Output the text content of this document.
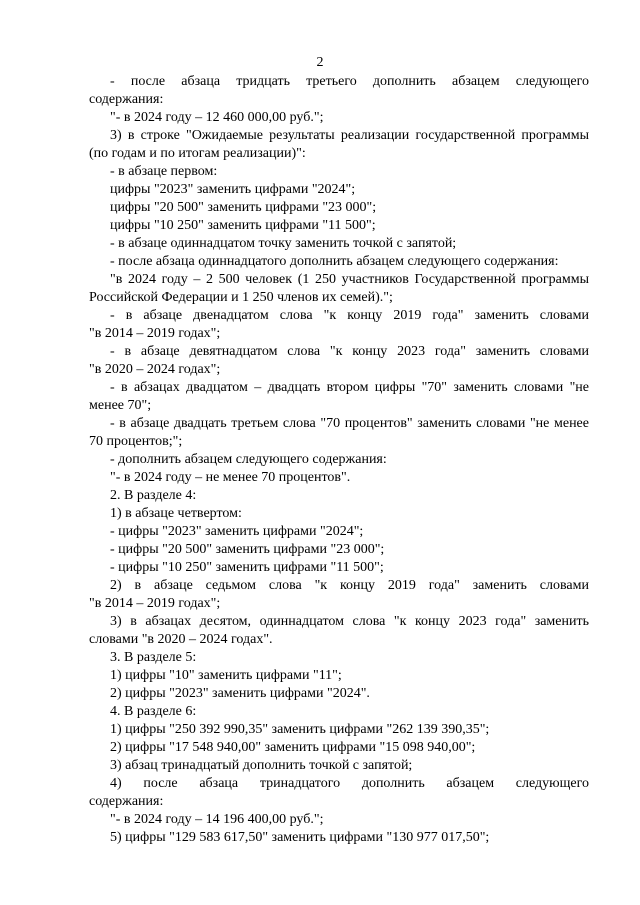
2
- после абзаца тридцать третьего дополнить абзацем следующего
содержания:
"- в 2024 году – 12 460 000,00 руб.";
3) в строке "Ожидаемые результаты реализации государственной программы
(по годам и по итогам реализации)":
- в абзаце первом:
цифры "2023" заменить цифрами "2024";
цифры "20 500" заменить цифрами "23 000";
цифры "10 250" заменить цифрами "11 500";
- в абзаце одиннадцатом точку заменить точкой с запятой;
- после абзаца одиннадцатого дополнить абзацем следующего содержания:
"в 2024 году – 2 500 человек (1 250 участников Государственной программы
Российской Федерации и 1 250 членов их семей).";
- в абзаце двенадцатом слова "к концу 2019 года" заменить словами
"в 2014 – 2019 годах";
- в абзаце девятнадцатом слова "к концу 2023 года" заменить словами
"в 2020 – 2024 годах";
- в абзацах двадцатом – двадцать втором цифры "70" заменить словами "не
менее 70";
- в абзаце двадцать третьем слова "70 процентов" заменить словами "не менее
70 процентов;";
- дополнить абзацем следующего содержания:
"- в 2024 году – не менее 70 процентов".
2. В разделе 4:
1) в абзаце четвертом:
- цифры "2023" заменить цифрами "2024";
- цифры "20 500" заменить цифрами "23 000";
- цифры "10 250" заменить цифрами "11 500";
2) в абзаце седьмом слова "к концу 2019 года" заменить словами
"в 2014 – 2019 годах";
3) в абзацах десятом, одиннадцатом слова "к концу 2023 года" заменить
словами "в 2020 – 2024 годах".
3. В разделе 5:
1) цифры "10" заменить цифрами "11";
2) цифры "2023" заменить цифрами "2024".
4. В разделе 6:
1) цифры "250 392 990,35" заменить цифрами "262 139 390,35";
2) цифры "17 548 940,00" заменить цифрами "15 098 940,00";
3) абзац тринадцатый дополнить точкой с запятой;
4) после абзаца тринадцатого дополнить абзацем следующего
содержания:
"- в 2024 году – 14 196 400,00 руб.";
5) цифры "129 583 617,50" заменить цифрами "130 977 017,50";
